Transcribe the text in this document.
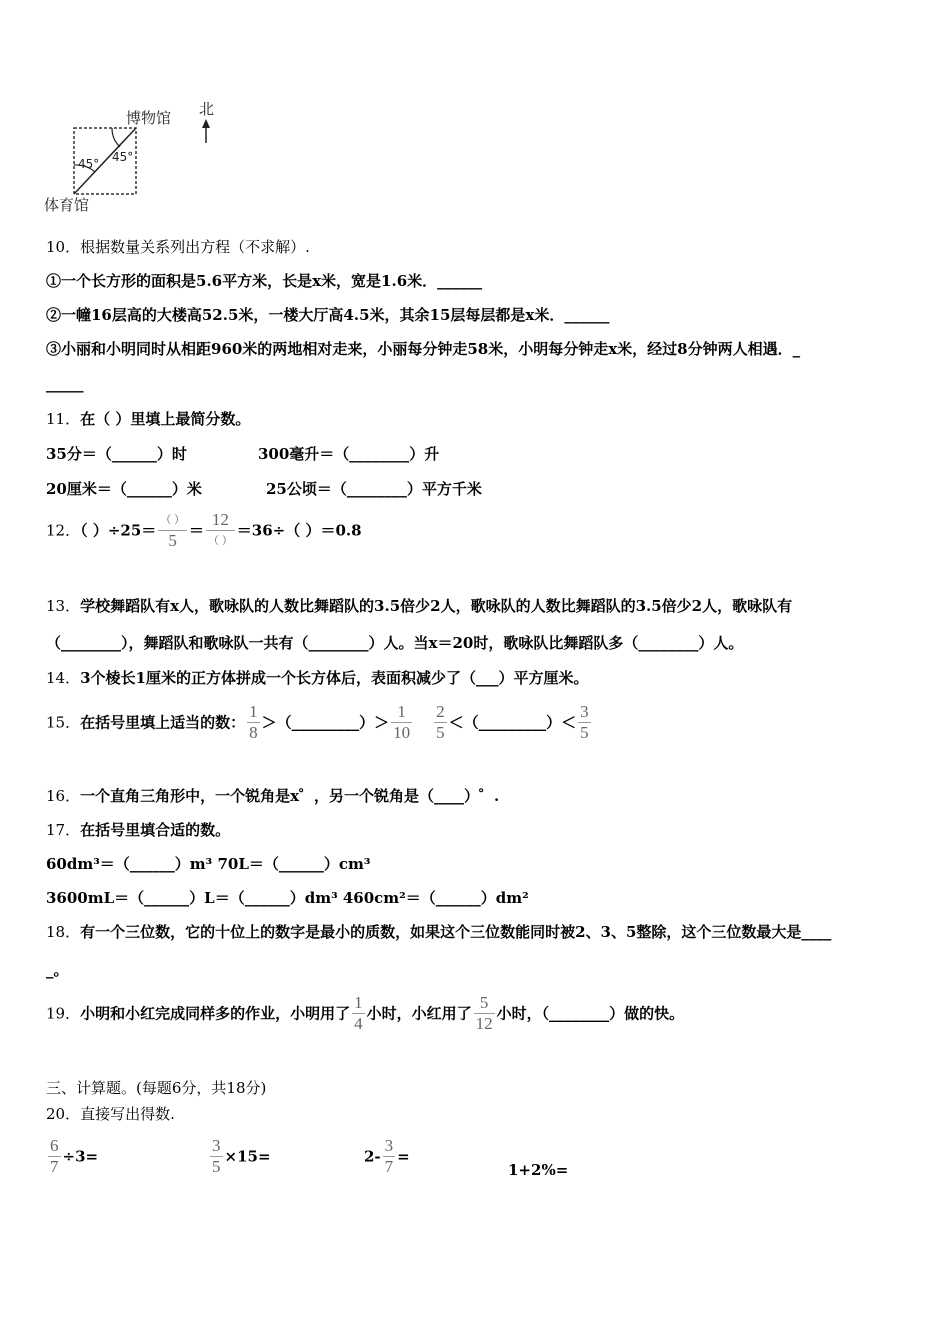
45° 45°
博物馆
体育馆
北
10．根据数量关系列出方程（不求解）.
①一个长方形的面积是5.6平方米，长是x米，宽是1.6米．______
②一幢16层高的大楼高52.5米，一楼大厅高4.5米，其余15层每层都是x米．______
③小丽和小明同时从相距960米的两地相对走来，小丽每分钟走58米，小明每分钟走x米，经过8分钟两人相遇．_
_____
11．在（ ）里填上最简分数。
35分＝（______）时	300毫升＝（________）升
20厘米＝（______）米	25公顷＝（________）平方千米
12．（ ）$\div 25= \frac{( )}{5} = \frac{12}{( )} =36\div$（ ）＝0.8
13．学校舞蹈队有x人，歌咏队的人数比舞蹈队的3.5倍少2人，歌咏队的人数比舞蹈队的3.5倍少2人，歌咏队有
（________），舞蹈队和歌咏队一共有（________）人。当x＝20时，歌咏队比舞蹈队多（________）人。
14．3个棱长1厘米的正方体拼成一个长方体后，表面积减少了（___）平方厘米。
15．在括号里填上适当的数： $\frac{1}{8}$ ＞（_________）＞ $\frac{1}{10} \frac{2}{5}$ ＜（_________）＜ $\frac{3}{5}$
16．一个直角三角形中，一个锐角是x゜，另一个锐角是（____）゜.
17．在括号里填合适的数。
60dm³＝（______）m³ 70L＝（______）cm³
3600mL＝（______）L＝（______）dm³ 460cm²＝（______）dm²
18．有一个三位数，它的十位上的数字是最小的质数，如果这个三位数能同时被2、3、5整除，这个三位数最大是____
_。
19．小明和小红完成同样多的作业，小明用了 $\frac{1}{4}$ 小时，小红用了 $\frac{5}{12}$ 小时，（________）做的快。
三、计算题。(每题6分，共18分)
20．直接写出得数.
$\frac{6}{7} \div 3=$	$\frac{3}{5} \times 15=$	$2- \frac{3}{7}$ =
1+2%=
